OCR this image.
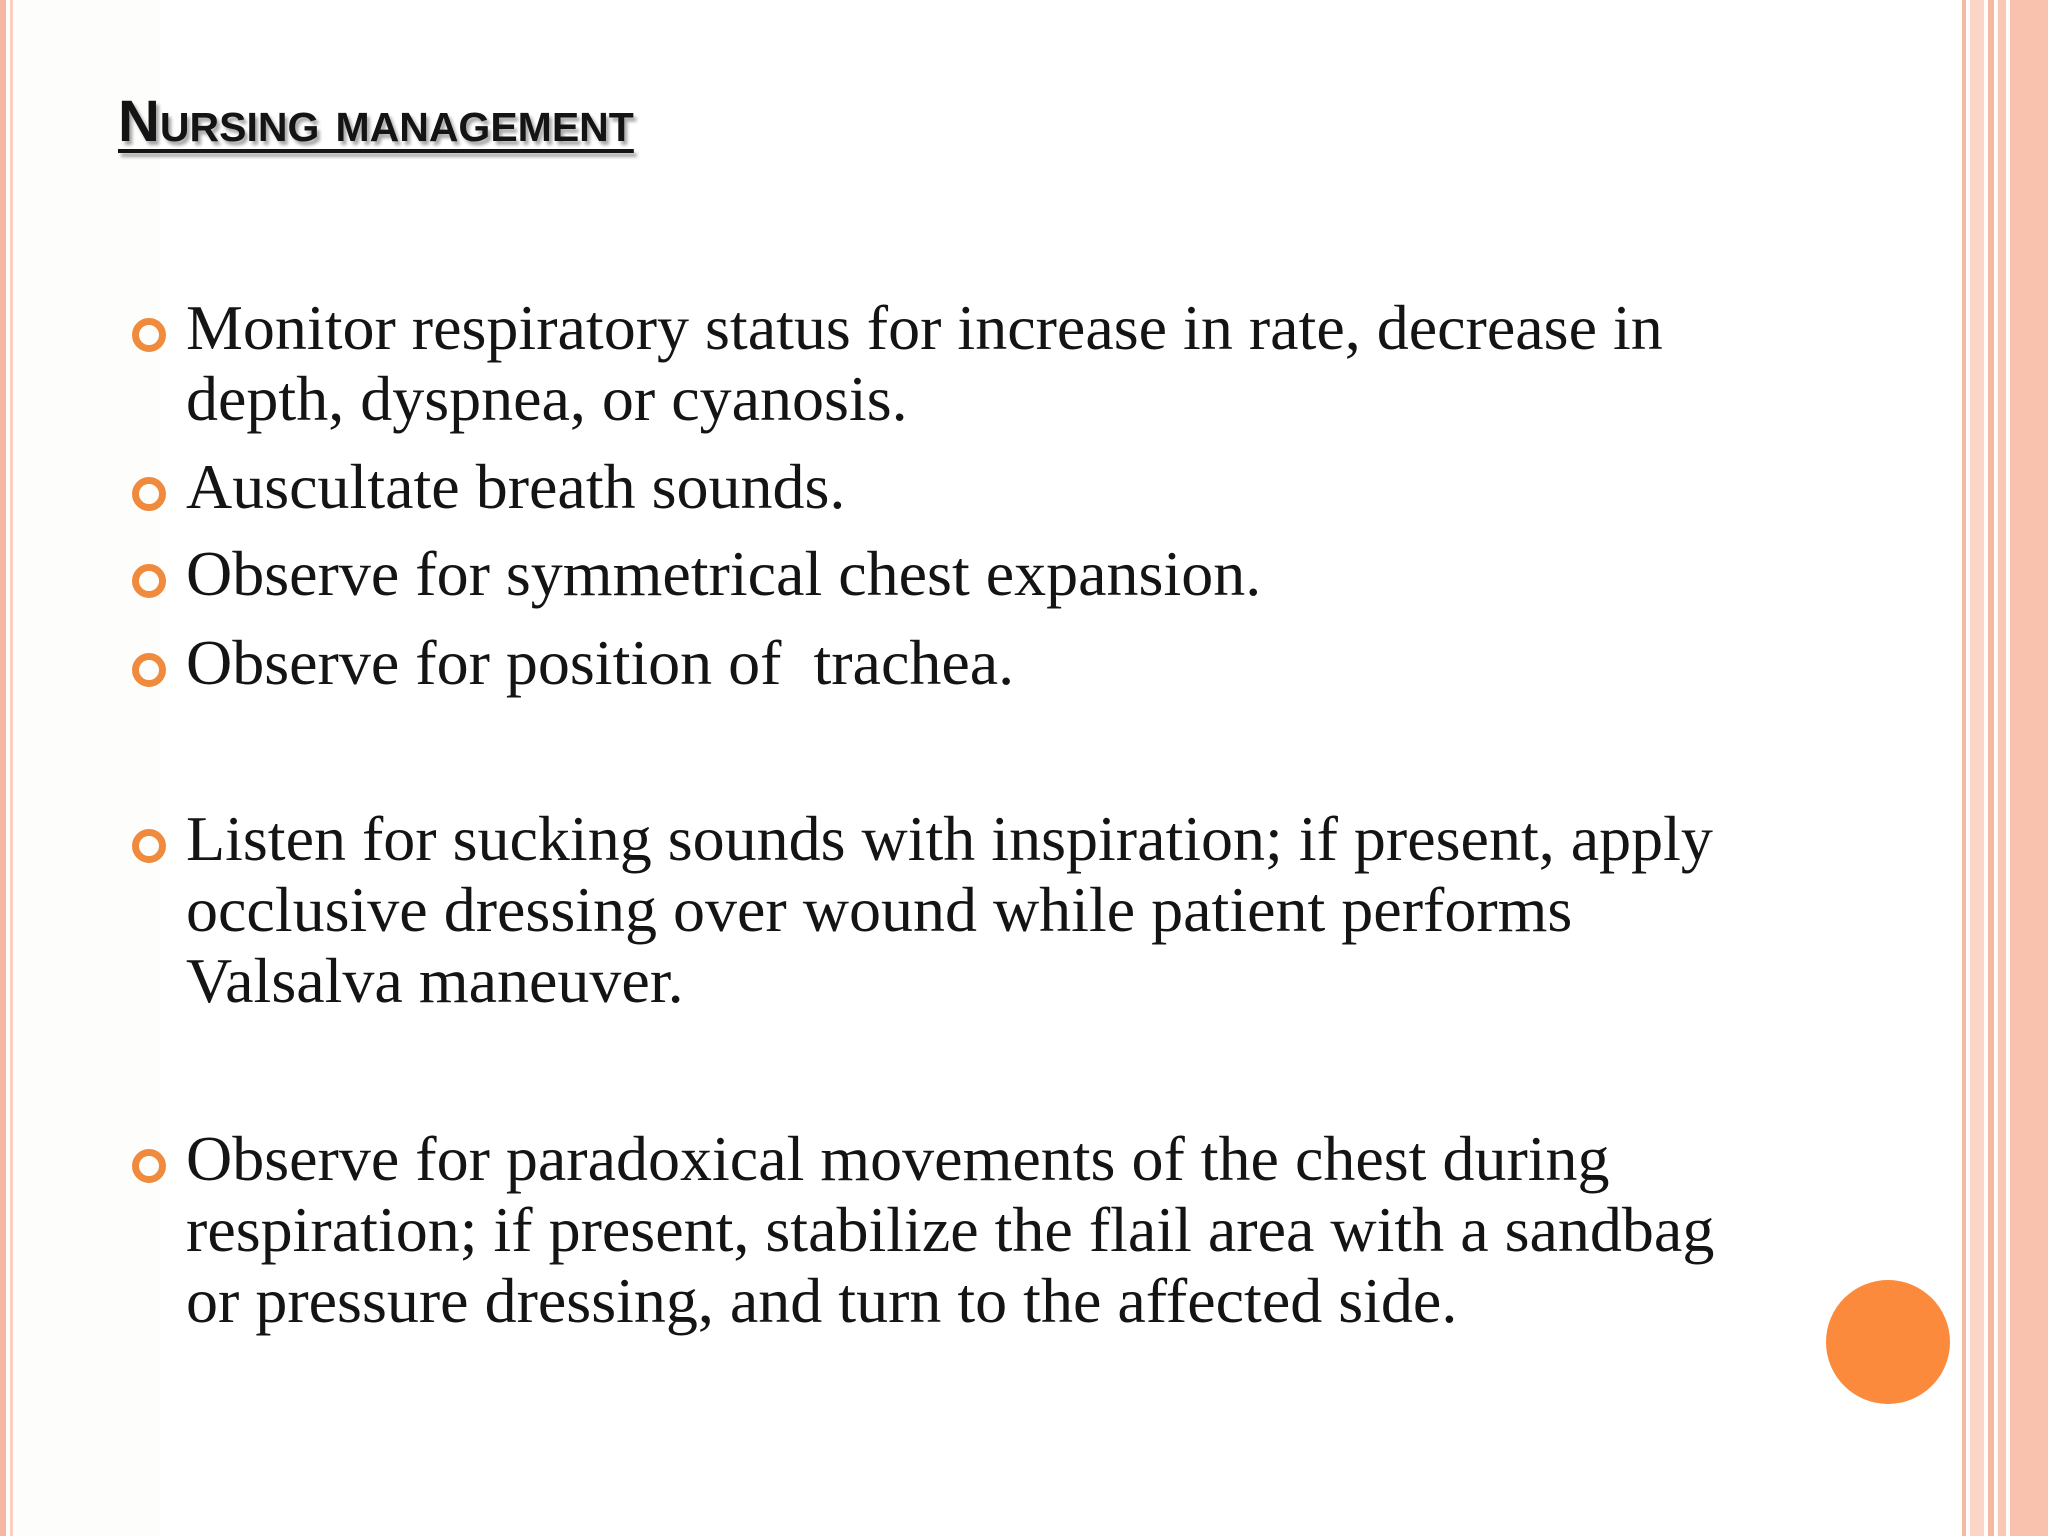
Nursing management
Monitor respiratory status for increase in rate, decrease in depth, dyspnea, or cyanosis.
Auscultate breath sounds.
Observe for symmetrical chest expansion.
Observe for position of  trachea.
Listen for sucking sounds with inspiration; if present, apply occlusive dressing over wound while patient performs Valsalva maneuver.
Observe for paradoxical movements of the chest during respiration; if present, stabilize the flail area with a sandbag or pressure dressing, and turn to the affected side.
